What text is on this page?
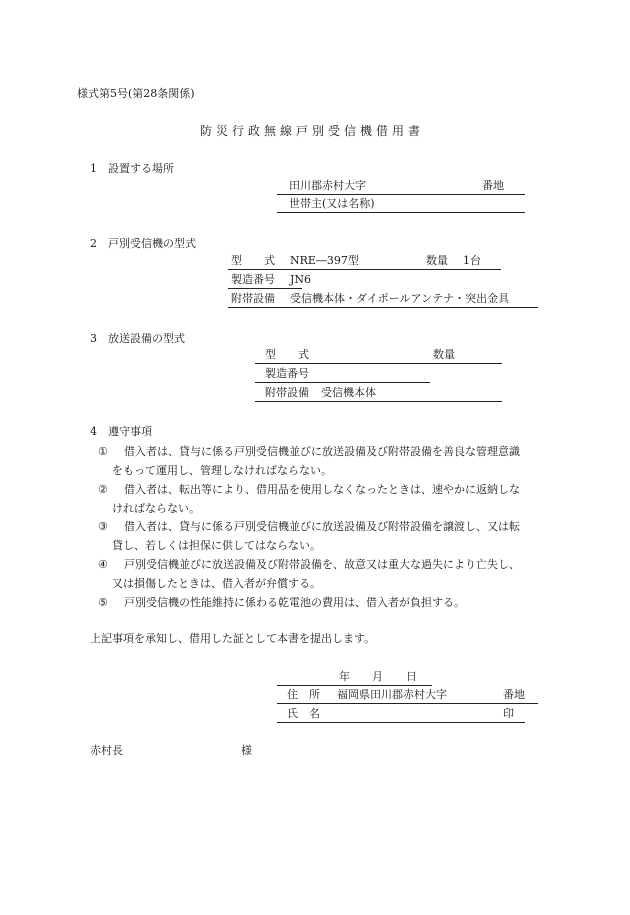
様式第5号(第28条関係)
防災行政無線戸別受信機借用書
1　設置する場所
田川郡赤村大字	番地
世帯主(又は名称)
2　戸別受信機の型式
型　　式 NRE―397型	数量 1台
製造番号 JN6
附帯設備 受信機本体・ダイポールアンテナ・突出金具
3　放送設備の型式
型　　式	数量
製造番号
附帯設備 受信機本体
4　遵守事項
① 借入者は、貸与に係る戸別受信機並びに放送設備及び附帯設備を善良な管理意識
をもって運用し、管理しなければならない。
② 借入者は、転出等により、借用品を使用しなくなったときは、速やかに返納しな
ければならない。
③ 借入者は、貸与に係る戸別受信機並びに放送設備及び附帯設備を譲渡し、又は転
貸し、若しくは担保に供してはならない。
④ 戸別受信機並びに放送設備及び附帯設備を、故意又は重大な過失により亡失し、
又は損傷したときは、借入者が弁償する。
⑤ 戸別受信機の性能維持に係わる乾電池の費用は、借入者が負担する。
上記事項を承知し、借用した証として本書を提出します。
年 月 日
住　所 福岡県田川郡赤村大字	番地
氏　名	印
赤村長	様
